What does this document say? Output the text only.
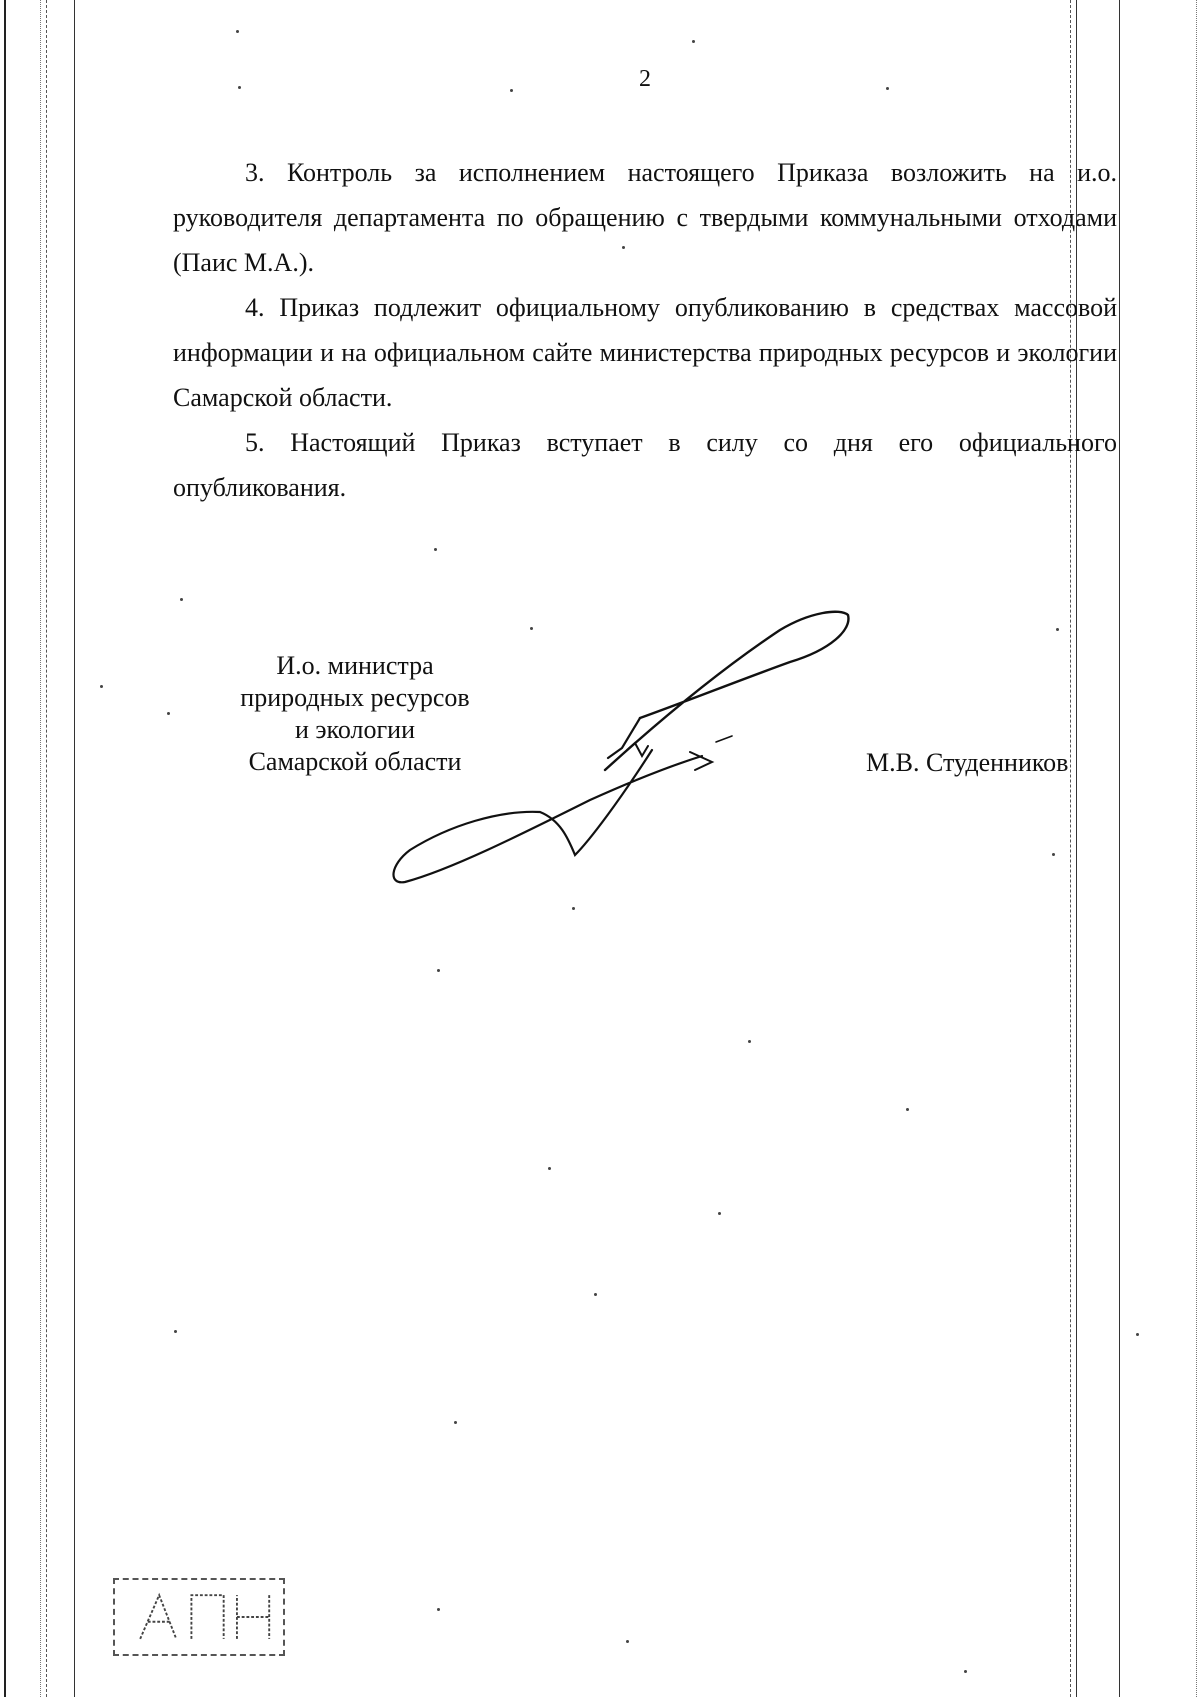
2

3. Контроль за исполнением настоящего Приказа возложить на и.о. руководителя департамента по обращению с твердыми коммунальными отходами (Паис М.А.).

4. Приказ подлежит официальному опубликованию в средствах массовой информации и на официальном сайте министерства природных ресурсов и экологии Самарской области.

5. Настоящий Приказ вступает в силу со дня его официального опубликования.

И.о. министра
природных ресурсов
и экологии
Самарской области	М.В. Студенников
